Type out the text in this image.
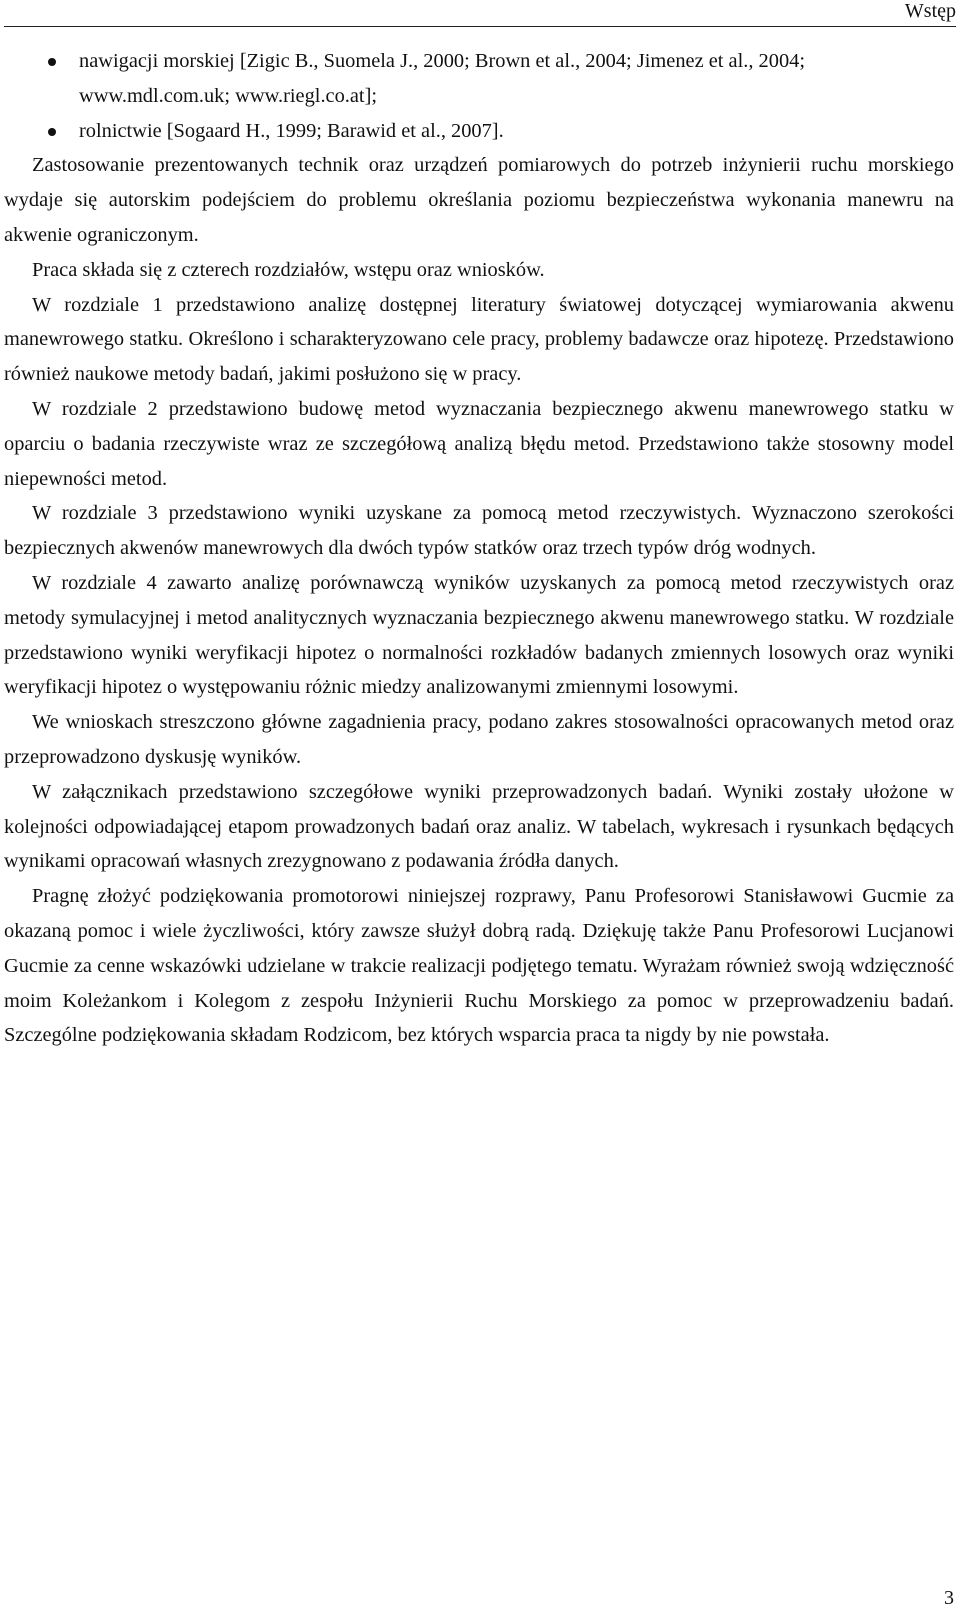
Wstęp
nawigacji morskiej [Zigic B., Suomela J., 2000; Brown et al., 2004; Jimenez et al., 2004; www.mdl.com.uk; www.riegl.co.at];
rolnictwie [Sogaard H., 1999; Barawid et al., 2007].

Zastosowanie prezentowanych technik oraz urządzeń pomiarowych do potrzeb inżynierii ruchu morskiego wydaje się autorskim podejściem do problemu określania poziomu bezpieczeństwa wykonania manewru na akwenie ograniczonym.

Praca składa się z czterech rozdziałów, wstępu oraz wniosków.

W rozdziale 1 przedstawiono analizę dostępnej literatury światowej dotyczącej wymiarowania akwenu manewrowego statku. Określono i scharakteryzowano cele pracy, problemy badawcze oraz hipotezę. Przedstawiono również naukowe metody badań, jakimi posłużono się w pracy.

W rozdziale 2 przedstawiono budowę metod wyznaczania bezpiecznego akwenu manewrowego statku w oparciu o badania rzeczywiste wraz ze szczegółową analizą błędu metod. Przedstawiono także stosowny model niepewności metod.

W rozdziale 3 przedstawiono wyniki uzyskane za pomocą metod rzeczywistych. Wyznaczono szerokości bezpiecznych akwenów manewrowych dla dwóch typów statków oraz trzech typów dróg wodnych.

W rozdziale 4 zawarto analizę porównawczą wyników uzyskanych za pomocą metod rzeczywistych oraz metody symulacyjnej i metod analitycznych wyznaczania bezpiecznego akwenu manewrowego statku. W rozdziale przedstawiono wyniki weryfikacji hipotez o normalności rozkładów badanych zmiennych losowych oraz wyniki weryfikacji hipotez o występowaniu różnic miedzy analizowanymi zmiennymi losowymi.

We wnioskach streszczono główne zagadnienia pracy, podano zakres stosowalności opracowanych metod oraz przeprowadzono dyskusję wyników.

W załącznikach przedstawiono szczegółowe wyniki przeprowadzonych badań. Wyniki zostały ułożone w kolejności odpowiadającej etapom prowadzonych badań oraz analiz. W tabelach, wykresach i rysunkach będących wynikami opracowań własnych zrezygnowano z podawania źródła danych.

Pragnę złożyć podziękowania promotorowi niniejszej rozprawy, Panu Profesorowi Stanisławowi Gucmie za okazaną pomoc i wiele życzliwości, który zawsze służył dobrą radą. Dziękuję także Panu Profesorowi Lucjanowi Gucmie za cenne wskazówki udzielane w trakcie realizacji podjętego tematu. Wyrażam również swoją wdzięczność moim Koleżankom i Kolegom z zespołu Inżynierii Ruchu Morskiego za pomoc w przeprowadzeniu badań. Szczególne podziękowania składam Rodzicom, bez których wsparcia praca ta nigdy by nie powstała.

3
